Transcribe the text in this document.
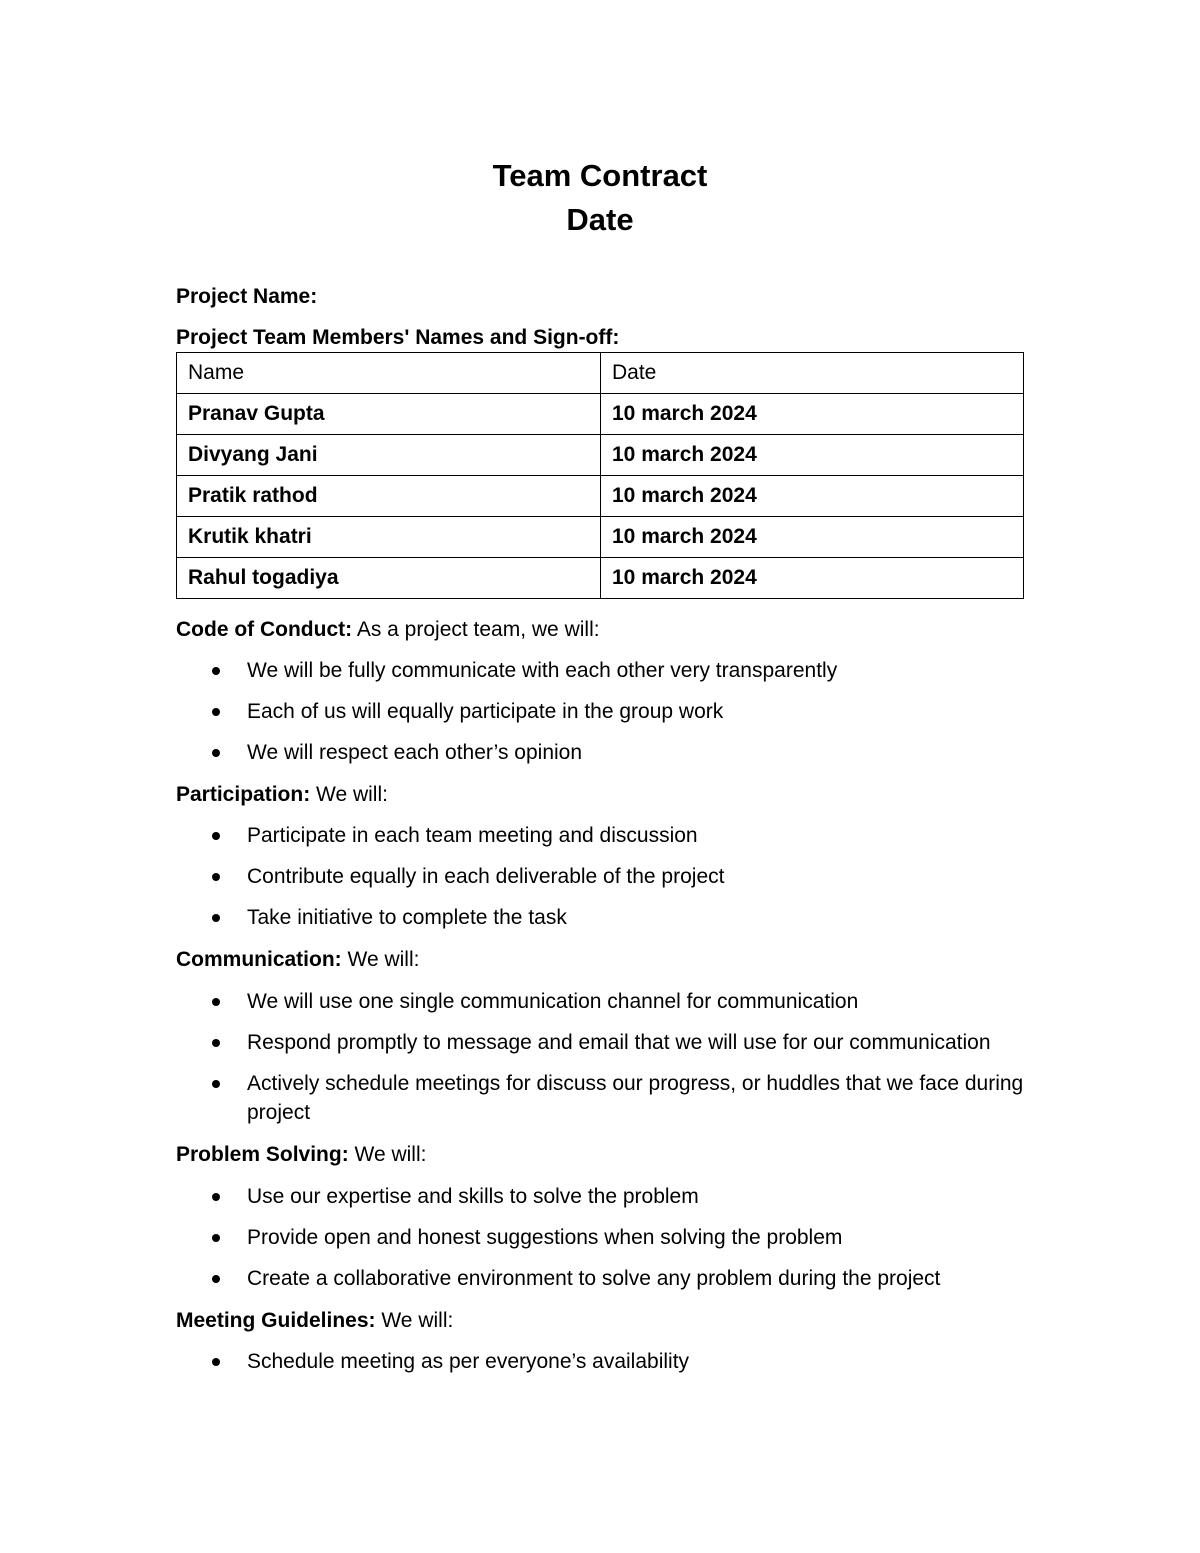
Team Contract
Date
Project Name:
Project Team Members' Names and Sign-off:
Name	Date
Pranav Gupta	10 march 2024
Divyang Jani	10 march 2024
Pratik rathod	10 march 2024
Krutik khatri	10 march 2024
Rahul togadiya	10 march 2024
Code of Conduct: As a project team, we will:
We will be fully communicate with each other very transparently
Each of us will equally participate in the group work
We will respect each other’s opinion
Participation: We will:
Participate in each team meeting and discussion
Contribute equally in each deliverable of the project
Take initiative to complete the task
Communication: We will:
We will use one single communication channel for communication
Respond promptly to message and email that we will use for our communication
Actively schedule meetings for discuss our progress, or huddles that we face during project
Problem Solving: We will:
Use our expertise and skills to solve the problem
Provide open and honest suggestions when solving the problem
Create a collaborative environment to solve any problem during the project
Meeting Guidelines: We will:
Schedule meeting as per everyone’s availability
